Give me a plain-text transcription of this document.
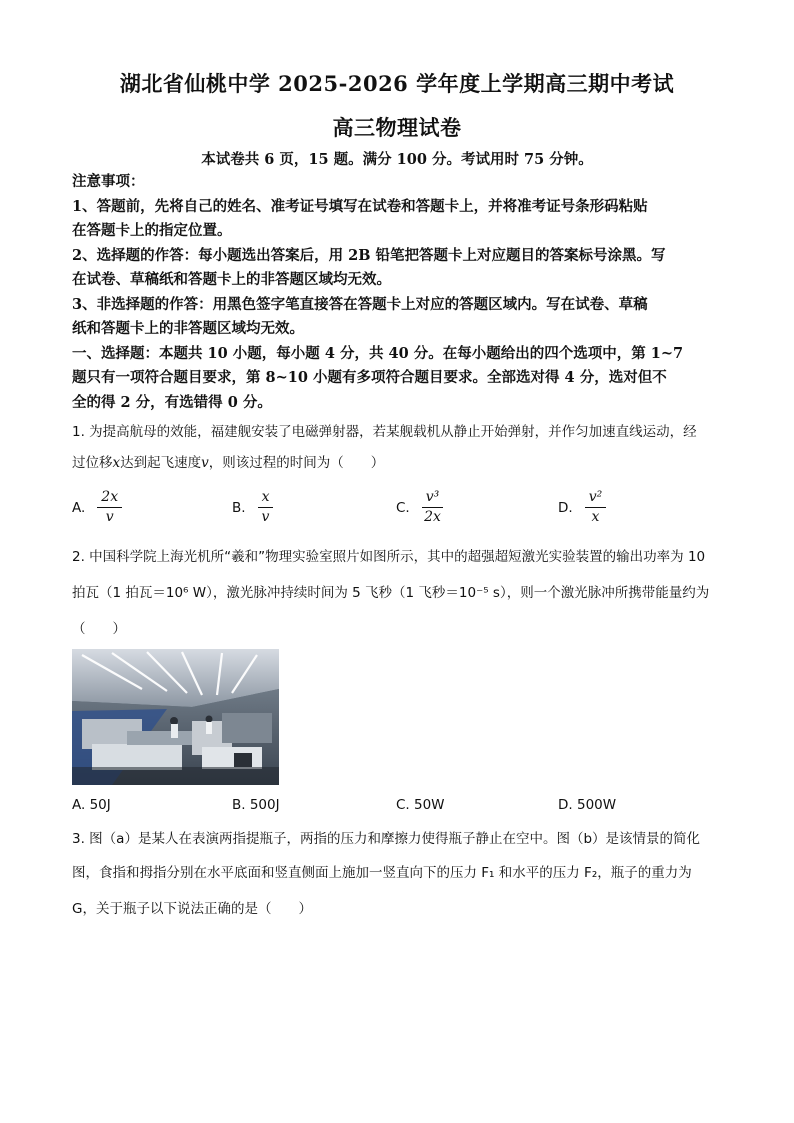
湖北省仙桃中学 2025-2026 学年度上学期高三期中考试
高三物理试卷
本试卷共 6 页，15 题。满分 100 分。考试用时 75 分钟。
注意事项：
1、答题前，先将自己的姓名、准考证号填写在试卷和答题卡上，并将准考证号条形码粘贴
在答题卡上的指定位置。
2、选择题的作答：每小题选出答案后，用 2B 铅笔把答题卡上对应题目的答案标号涂黑。写
在试卷、草稿纸和答题卡上的非答题区域均无效。
3、非选择题的作答：用黑色签字笔直接答在答题卡上对应的答题区域内。写在试卷、草稿
纸和答题卡上的非答题区域均无效。
一、选择题：本题共 10 小题，每小题 4 分，共 40 分。在每小题给出的四个选项中，第 1~7
题只有一项符合题目要求，第 8~10 小题有多项符合题目要求。全部选对得 4 分，选对但不
全的得 2 分，有选错得 0 分。
1. 为提高航母的效能，福建舰安装了电磁弹射器，若某舰载机从静止开始弹射，并作匀加速直线运动，经
过位移x达到起飞速度v，则该过程的时间为（　　）
A. $\frac{2x}{v}$	B. $\frac{x}{v}$	C. $\frac{\text{v³}}{2x}$	D. $\frac{\text{v²}}{x}$
2. 中国科学院上海光机所“羲和”物理实验室照片如图所示，其中的超强超短激光实验装置的输出功率为 10
拍瓦（1 拍瓦＝10⁶ W），激光脉冲持续时间为 5 飞秒（1 飞秒＝10⁻⁵ s），则一个激光脉冲所携带能量约为
（　　）
A. 50J	B. 500J	C. 50W	D. 500W
3. 图（a）是某人在表演两指提瓶子，两指的压力和摩擦力使得瓶子静止在空中。图（b）是该情景的简化
图，食指和拇指分别在水平底面和竖直侧面上施加一竖直向下的压力 F₁ 和水平的压力 F₂，瓶子的重力为
G，关于瓶子以下说法正确的是（　　）
